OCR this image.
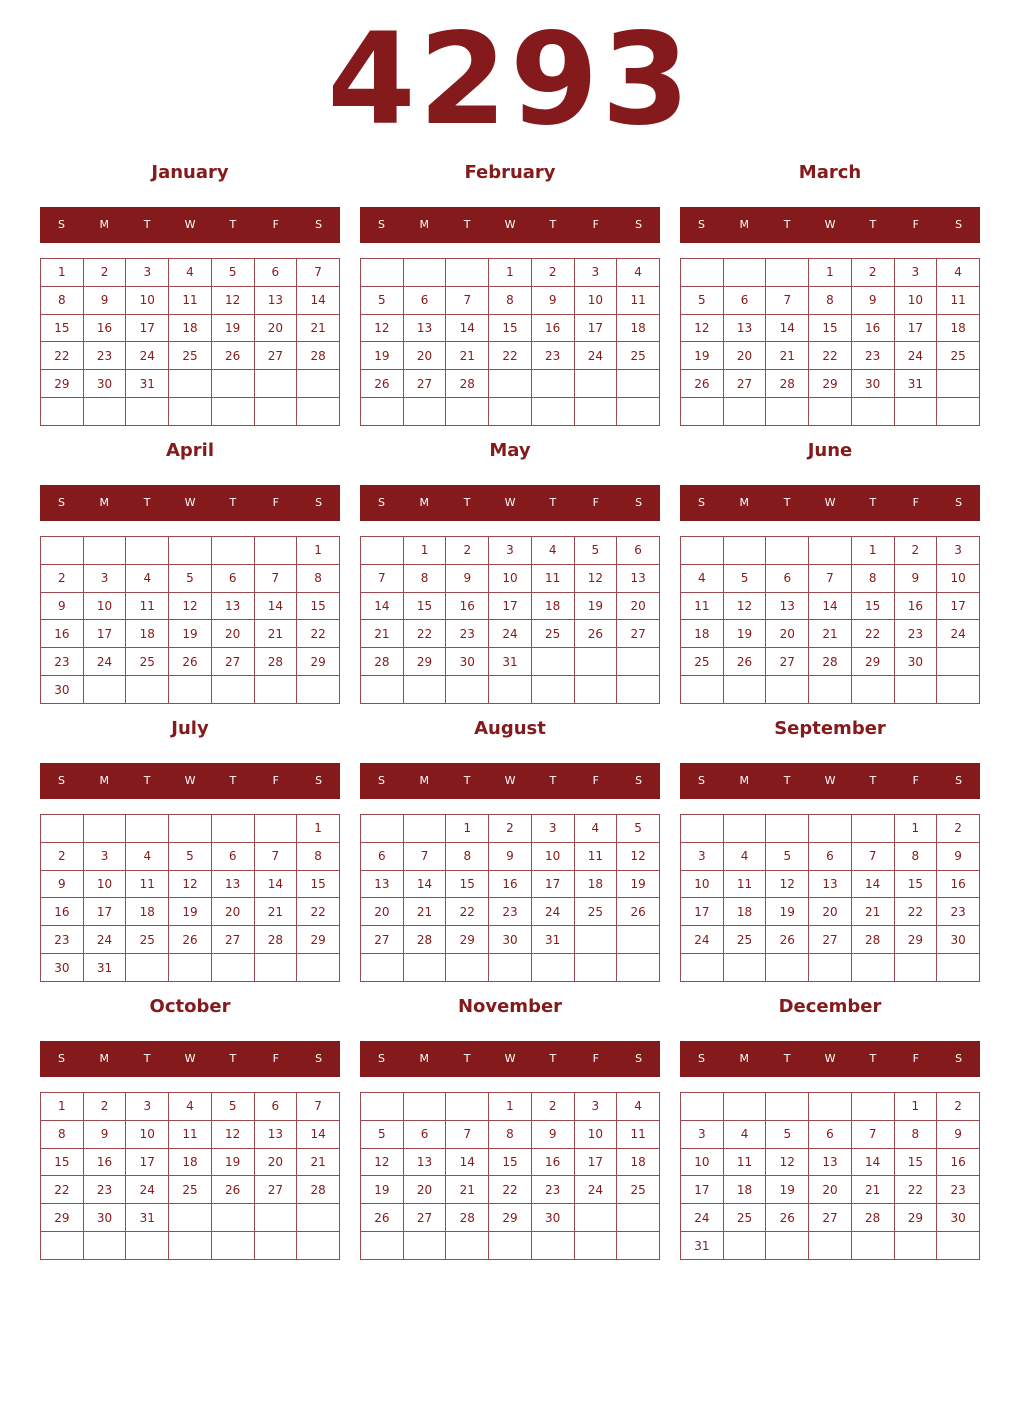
4293
January
S	M	T	W	T	F	S
1	2	3	4	5	6	7
8	9	10	11	12	13	14
15	16	17	18	19	20	21
22	23	24	25	26	27	28
29	30	31				

February
S	M	T	W	T	F	S
			1	2	3	4
5	6	7	8	9	10	11
12	13	14	15	16	17	18
19	20	21	22	23	24	25
26	27	28				

March
S	M	T	W	T	F	S
			1	2	3	4
5	6	7	8	9	10	11
12	13	14	15	16	17	18
19	20	21	22	23	24	25
26	27	28	29	30	31	

April
S	M	T	W	T	F	S
						1
2	3	4	5	6	7	8
9	10	11	12	13	14	15
16	17	18	19	20	21	22
23	24	25	26	27	28	29
30						
May
S	M	T	W	T	F	S
	1	2	3	4	5	6
7	8	9	10	11	12	13
14	15	16	17	18	19	20
21	22	23	24	25	26	27
28	29	30	31			

June
S	M	T	W	T	F	S
				1	2	3
4	5	6	7	8	9	10
11	12	13	14	15	16	17
18	19	20	21	22	23	24
25	26	27	28	29	30	

July
S	M	T	W	T	F	S
						1
2	3	4	5	6	7	8
9	10	11	12	13	14	15
16	17	18	19	20	21	22
23	24	25	26	27	28	29
30	31					
August
S	M	T	W	T	F	S
		1	2	3	4	5
6	7	8	9	10	11	12
13	14	15	16	17	18	19
20	21	22	23	24	25	26
27	28	29	30	31		

September
S	M	T	W	T	F	S
					1	2
3	4	5	6	7	8	9
10	11	12	13	14	15	16
17	18	19	20	21	22	23
24	25	26	27	28	29	30

October
S	M	T	W	T	F	S
1	2	3	4	5	6	7
8	9	10	11	12	13	14
15	16	17	18	19	20	21
22	23	24	25	26	27	28
29	30	31				

November
S	M	T	W	T	F	S
			1	2	3	4
5	6	7	8	9	10	11
12	13	14	15	16	17	18
19	20	21	22	23	24	25
26	27	28	29	30		

December
S	M	T	W	T	F	S
					1	2
3	4	5	6	7	8	9
10	11	12	13	14	15	16
17	18	19	20	21	22	23
24	25	26	27	28	29	30
31						
